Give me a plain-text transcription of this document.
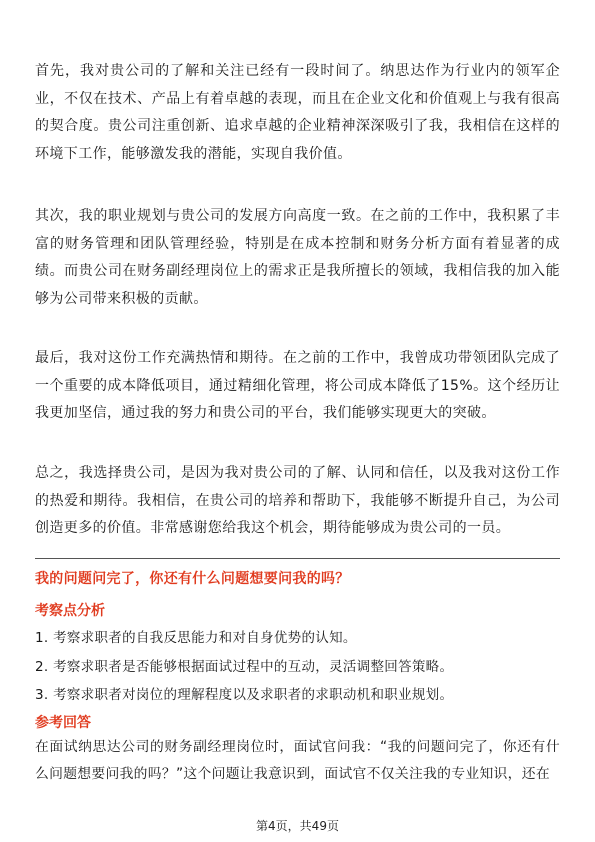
首先，我对贵公司的了解和关注已经有一段时间了。纳思达作为行业内的领军企业，不仅在技术、产品上有着卓越的表现，而且在企业文化和价值观上与我有很高的契合度。贵公司注重创新、追求卓越的企业精神深深吸引了我，我相信在这样的环境下工作，能够激发我的潜能，实现自我价值。

其次，我的职业规划与贵公司的发展方向高度一致。在之前的工作中，我积累了丰富的财务管理和团队管理经验，特别是在成本控制和财务分析方面有着显著的成绩。而贵公司在财务副经理岗位上的需求正是我所擅长的领域，我相信我的加入能够为公司带来积极的贡献。

最后，我对这份工作充满热情和期待。在之前的工作中，我曾成功带领团队完成了一个重要的成本降低项目，通过精细化管理，将公司成本降低了15%。这个经历让我更加坚信，通过我的努力和贵公司的平台，我们能够实现更大的突破。

总之，我选择贵公司，是因为我对贵公司的了解、认同和信任，以及我对这份工作的热爱和期待。我相信，在贵公司的培养和帮助下，我能够不断提升自己，为公司创造更多的价值。非常感谢您给我这个机会，期待能够成为贵公司的一员。

我的问题问完了，你还有什么问题想要问我的吗？
考察点分析
1. 考察求职者的自我反思能力和对自身优势的认知。
2. 考察求职者是否能够根据面试过程中的互动，灵活调整回答策略。
3. 考察求职者对岗位的理解程度以及求职者的求职动机和职业规划。
参考回答

在面试纳思达公司的财务副经理岗位时，面试官问我：“我的问题问完了，你还有什么问题想要问我的吗？”这个问题让我意识到，面试官不仅关注我的专业知识，还在

第4页，共49页
